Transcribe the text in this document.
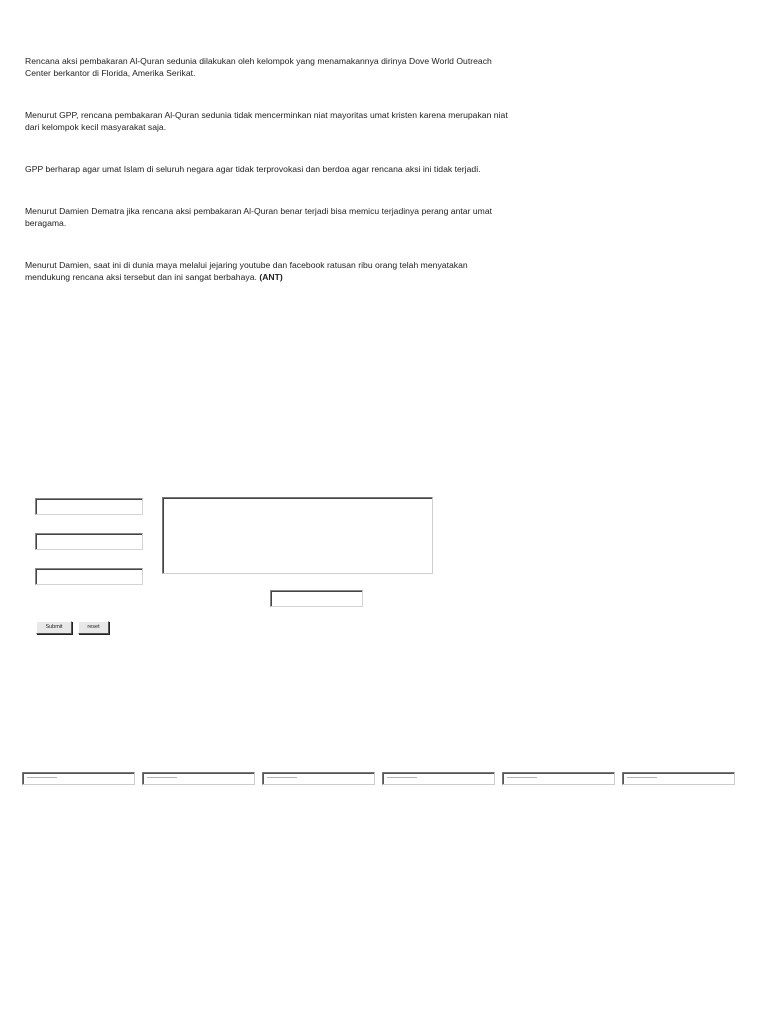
Rencana aksi pembakaran Al-Quran sedunia dilakukan oleh kelompok yang menamakannya dirinya Dove World Outreach Center berkantor di Florida, Amerika Serikat.

Menurut GPP, rencana pembakaran Al-Quran sedunia tidak mencerminkan niat mayoritas umat kristen karena merupakan niat dari kelompok kecil masyarakat saja.

GPP berharap agar umat Islam di seluruh negara agar tidak terprovokasi dan berdoa agar rencana aksi ini tidak terjadi.

Menurut Damien Dematra jika rencana aksi pembakaran Al-Quran benar terjadi bisa memicu terjadinya perang antar umat beragama.

Menurut Damien, saat ini di dunia maya melalui jejaring youtube dan facebook ratusan ribu orang telah menyatakan mendukung rencana aksi tersebut dan ini sangat berbahaya. (ANT)

Submit	reset
---------------	---------------	---------------	---------------	---------------	---------------
